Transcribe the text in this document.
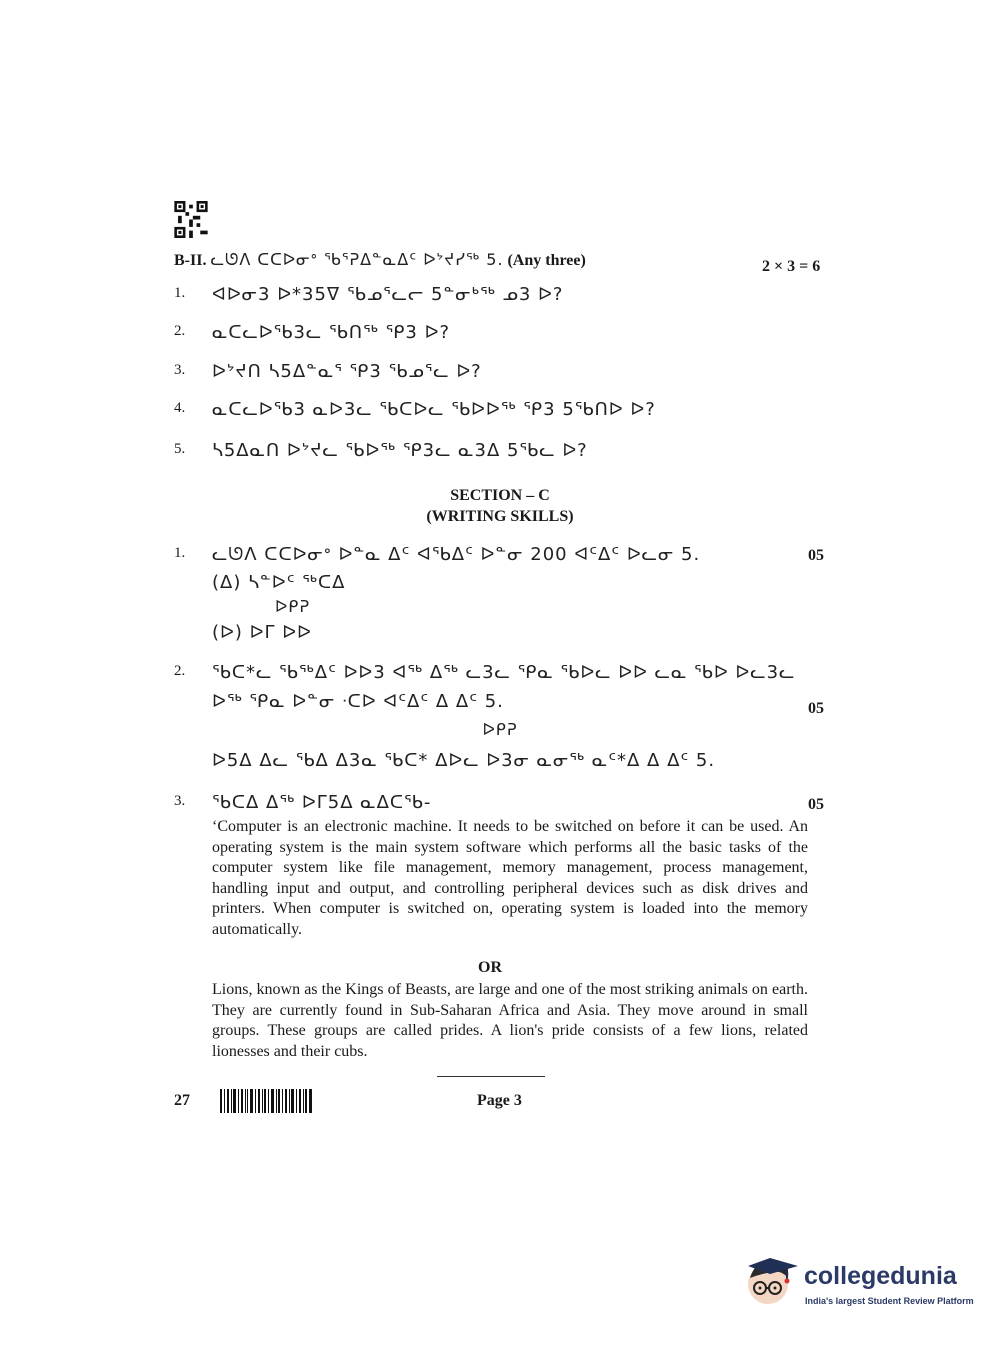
B-II. ᓚᘎᐱ ᑕᑕᐅᓂᐤ ᖃᕐᕈᐃᓐᓇᐃᑦ ᐅᔾᔪᓯᖅ 5. (Any three)	2 × 3 = 6
1. ᐊᐅᓂ3 ᐅ*35ᐁ ᖃᓄᕐᓚᓕ 5ᓐᓂᒃᖅ ᓄ3 ᐅ?
2. ᓇᑕᓚᐅᖃ3ᓚ ᖃᑎᖅ ᕿ3 ᐅ?
3. ᐅᔾᔪᑎ ᓴ5ᐃᓐᓇᕐ ᕿ3 ᖃᓄᕐᓚ ᐅ?
4. ᓇᑕᓚᐅᖃ3 ᓇᐅ3ᓚ ᖃᑕᐅᓚ ᖃᐅᐅᖅ ᕿ3 5ᖃᑎᐅ ᐅ?
5. ᓴ5ᐃᓇᑎ ᐅᔾᔪᓚ ᖃᐅᖅ ᕿ3ᓚ ᓇ3ᐃ 5ᖃᓚ ᐅ?
SECTION – C
(WRITING SKILLS)
1. ᓚᘎᐱ ᑕᑕᐅᓂᐤ ᐅᓐᓇ ᐃᑦ ᐊᖃᐃᑦ ᐅᓐᓂ 200 ᐊᑦᐃᑦ ᐅᓚᓂ 5.	05
(ᐃ) ᓴᓐᐅᑦ ᖅᑕᐃ
ᐅᑭᕈ
(ᐅ) ᐅᒥ ᐅᐅ
2. ᖃᑕ*ᓚ ᖃᖅᐃᑦ ᐅᐅ3 ᐊᖅ ᐃᖅ ᓚ3ᓚ ᕿᓇ ᖃᐅᓚ ᐅᐅ ᓚᓇ ᖃᐅ ᐅᓚ3ᓚ
ᐅᖅ ᕿᓇ ᐅᓐᓂ ᐧᑕᐅ ᐊᑦᐃᑦ ᐃ ᐃᑦ 5.	05
ᐅᑭᕈ
ᐅ5ᐃ ᐃᓚ ᖃᐃ ᐃ3ᓇ ᖃᑕ* ᐃᐅᓚ ᐅ3ᓂ ᓇᓂᖅ ᓇᑦ*ᐃ ᐃ ᐃᑦ 5.
3. ᖃᑕᐃ ᐃᖅ ᐅᒥ5ᐃ ᓇᐃᑕᖃ-	05
‘Computer is an electronic machine. It needs to be switched on before it can be used. An operating system is the main system software which performs all the basic tasks of the computer system like file management, memory management, process management, handling input and output, and controlling peripheral devices such as disk drives and printers. When computer is switched on, operating system is loaded into the memory automatically.
OR
Lions, known as the Kings of Beasts, are large and one of the most striking animals on earth. They are currently found in Sub-Saharan Africa and Asia. They move around in small groups. These groups are called prides. A lion's pride consists of a few lions, related lionesses and their cubs.
27	Page 3
collegedunia
India's largest Student Review Platform
